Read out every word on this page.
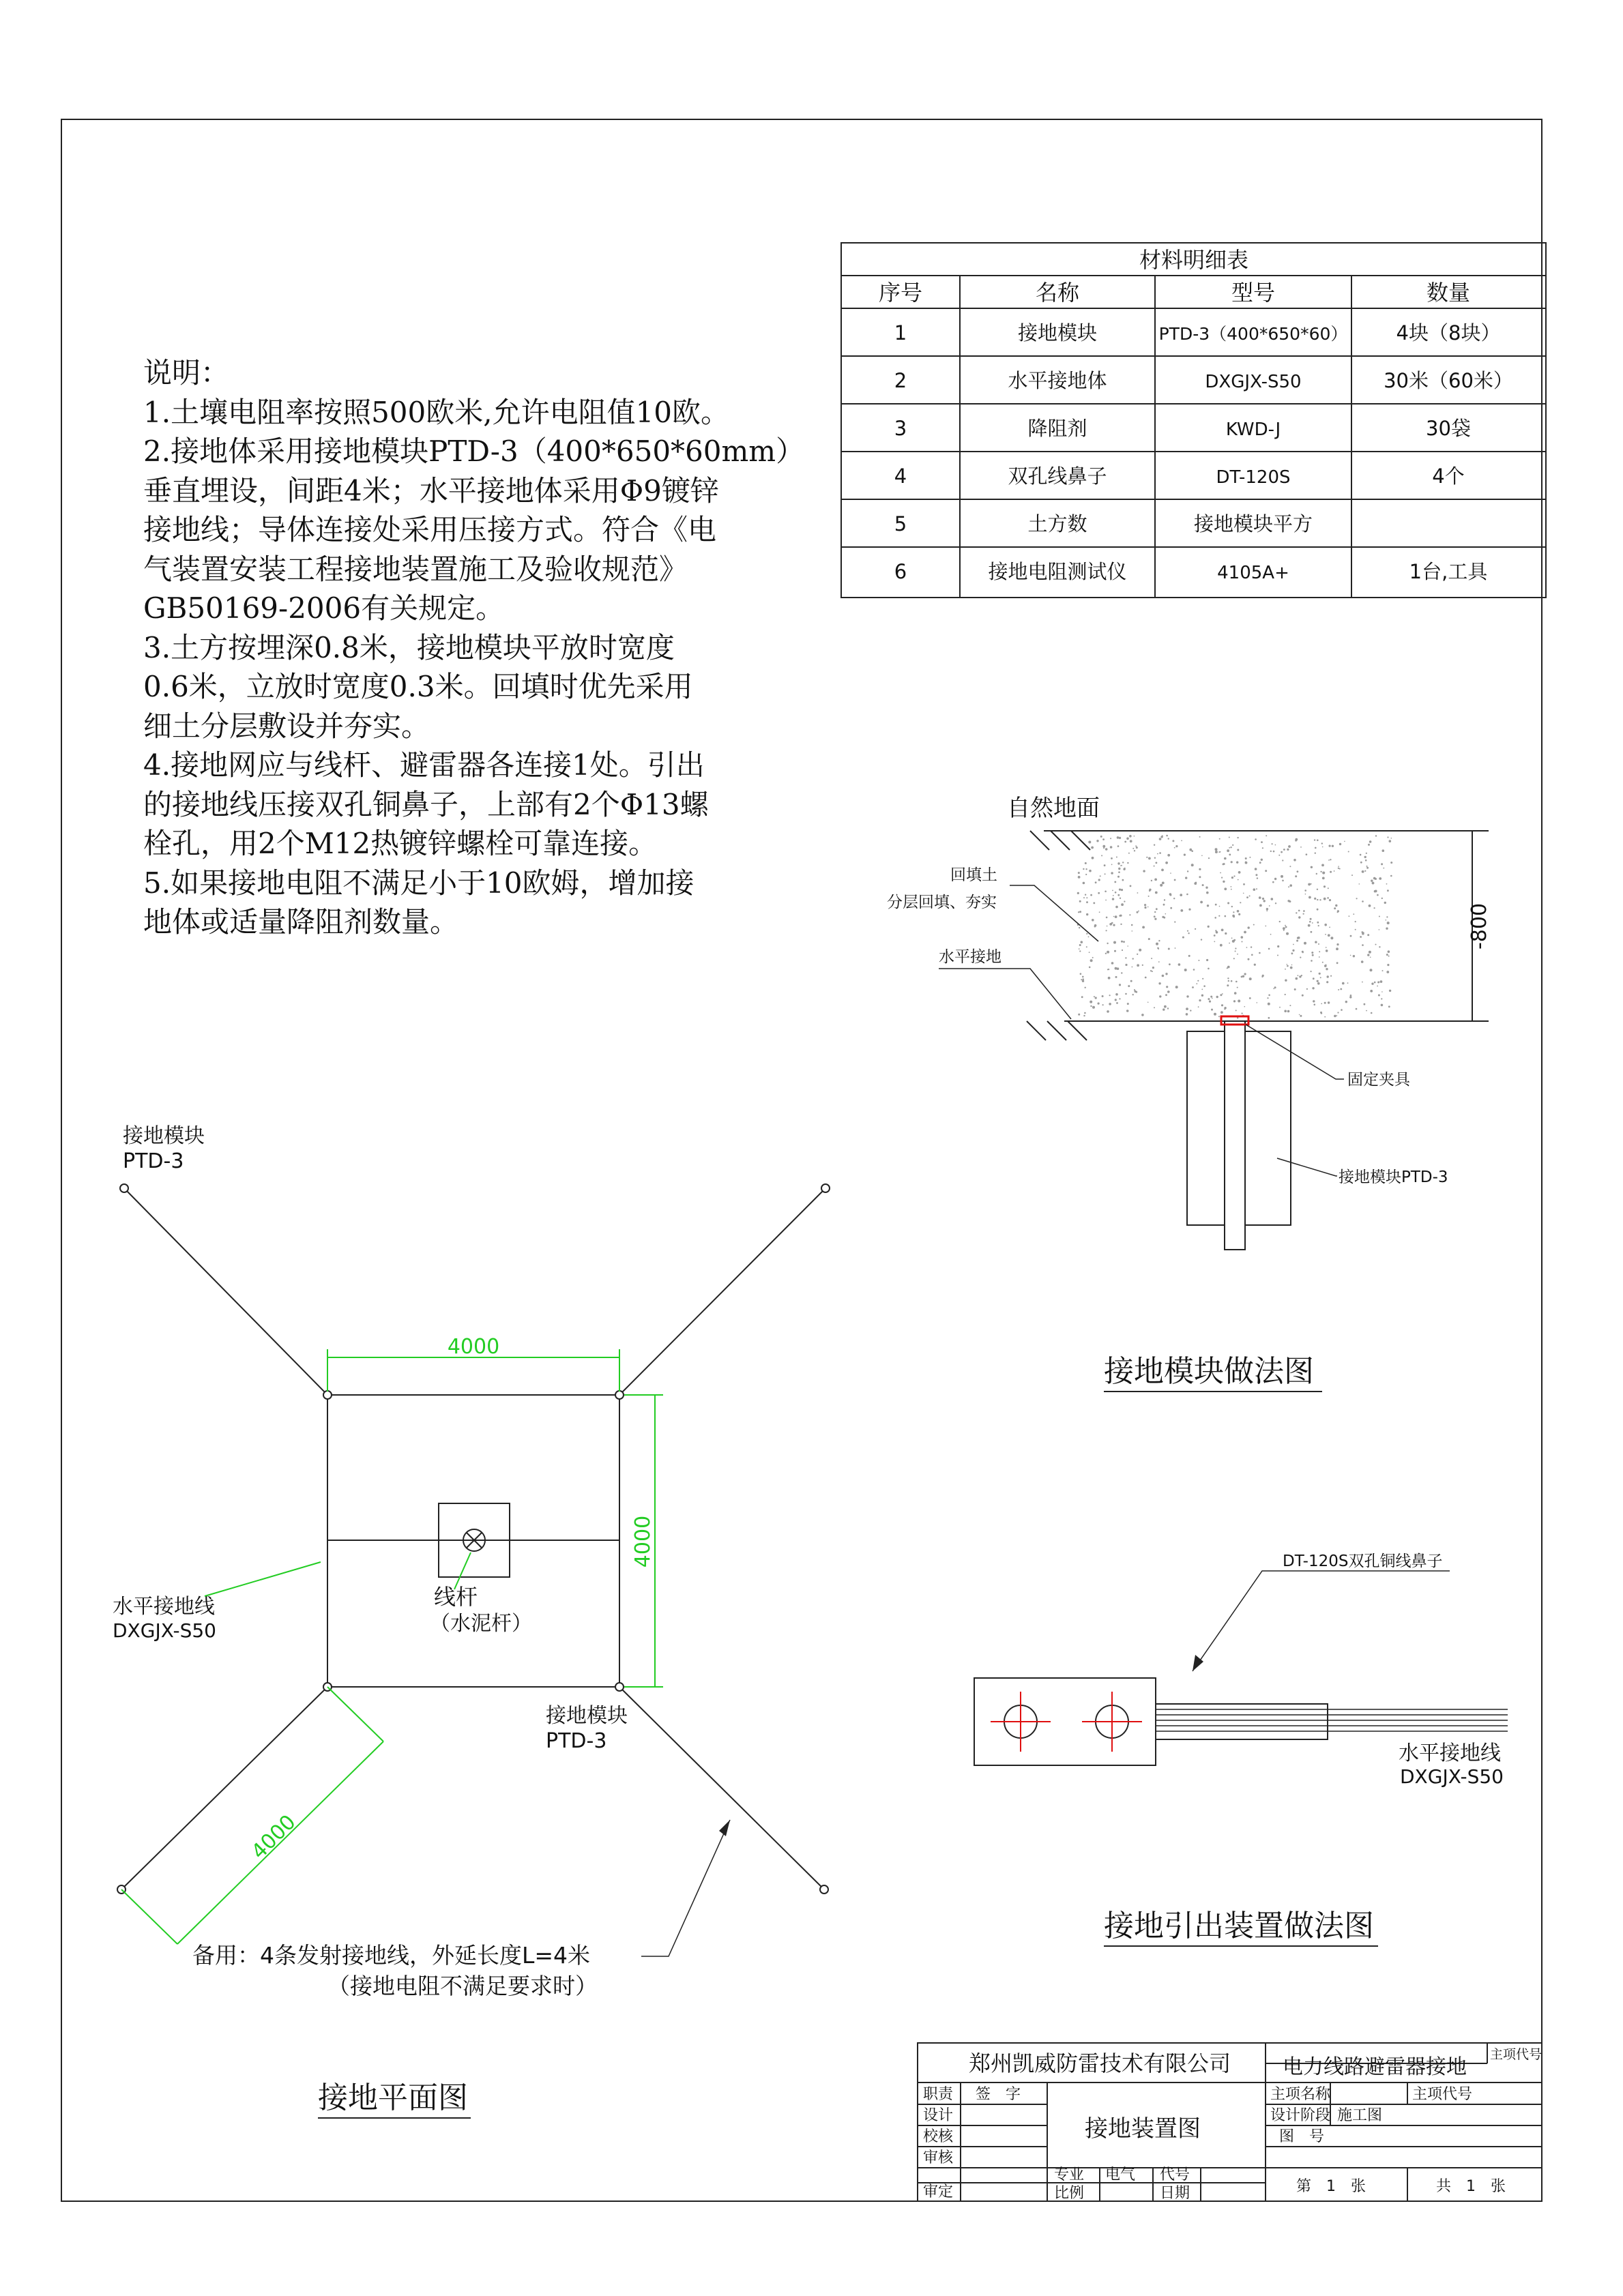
材料明细表
序号	名称	型号	数量
1	接地模块	PTD-3（400*650*60） 4块（8块）
2	水平接地体	DXGJX-S50	30米（60米）
3	降阻剂	KWD-J	30袋
4	双孔线鼻子	DT-120S	4个
5	土方数	接地模块平方
6	接地电阻测试仪	4105A+	1台,工具
-800
自然地面
回填土
分层回填、夯实
水平接地
固定夹具
接地模块PTD-3
接地模块做法图
DT-120S双孔铜线鼻子
水平接地线
DXGJX-S50
接地引出装置做法图
4000
4000
4000
接地模块
PTD-3
线杆
（水泥杆）
水平接地线
DXGJX-S50
接地模块
PTD-3
备用：4条发射接地线，外延长度L=4米
（接地电阻不满足要求时）
接地平面图
郑州凯威防雷技术有限公司	电力线路避雷器接地
主项代号
职责 签　字
设计
校核
审核
审定
接地装置图
专业 电气 代号
比例	日期
主项名称	主项代号
设计阶段 施工图
图　号
第　1　张	共　1　张
说明：
1.土壤电阻率按照500欧米,允许电阻值10欧。
2.接地体采用接地模块PTD-3（400*650*60mm）
垂直埋设，间距4米；水平接地体采用Φ9镀锌
接地线；导体连接处采用压接方式。符合《电
气装置安装工程接地装置施工及验收规范》
GB50169-2006有关规定。
3.土方按埋深0.8米，接地模块平放时宽度
0.6米，立放时宽度0.3米。回填时优先采用
细土分层敷设并夯实。
4.接地网应与线杆、避雷器各连接1处。引出
的接地线压接双孔铜鼻子，上部有2个Φ13螺
栓孔，用2个M12热镀锌螺栓可靠连接。
5.如果接地电阻不满足小于10欧姆，增加接
地体或适量降阻剂数量。
